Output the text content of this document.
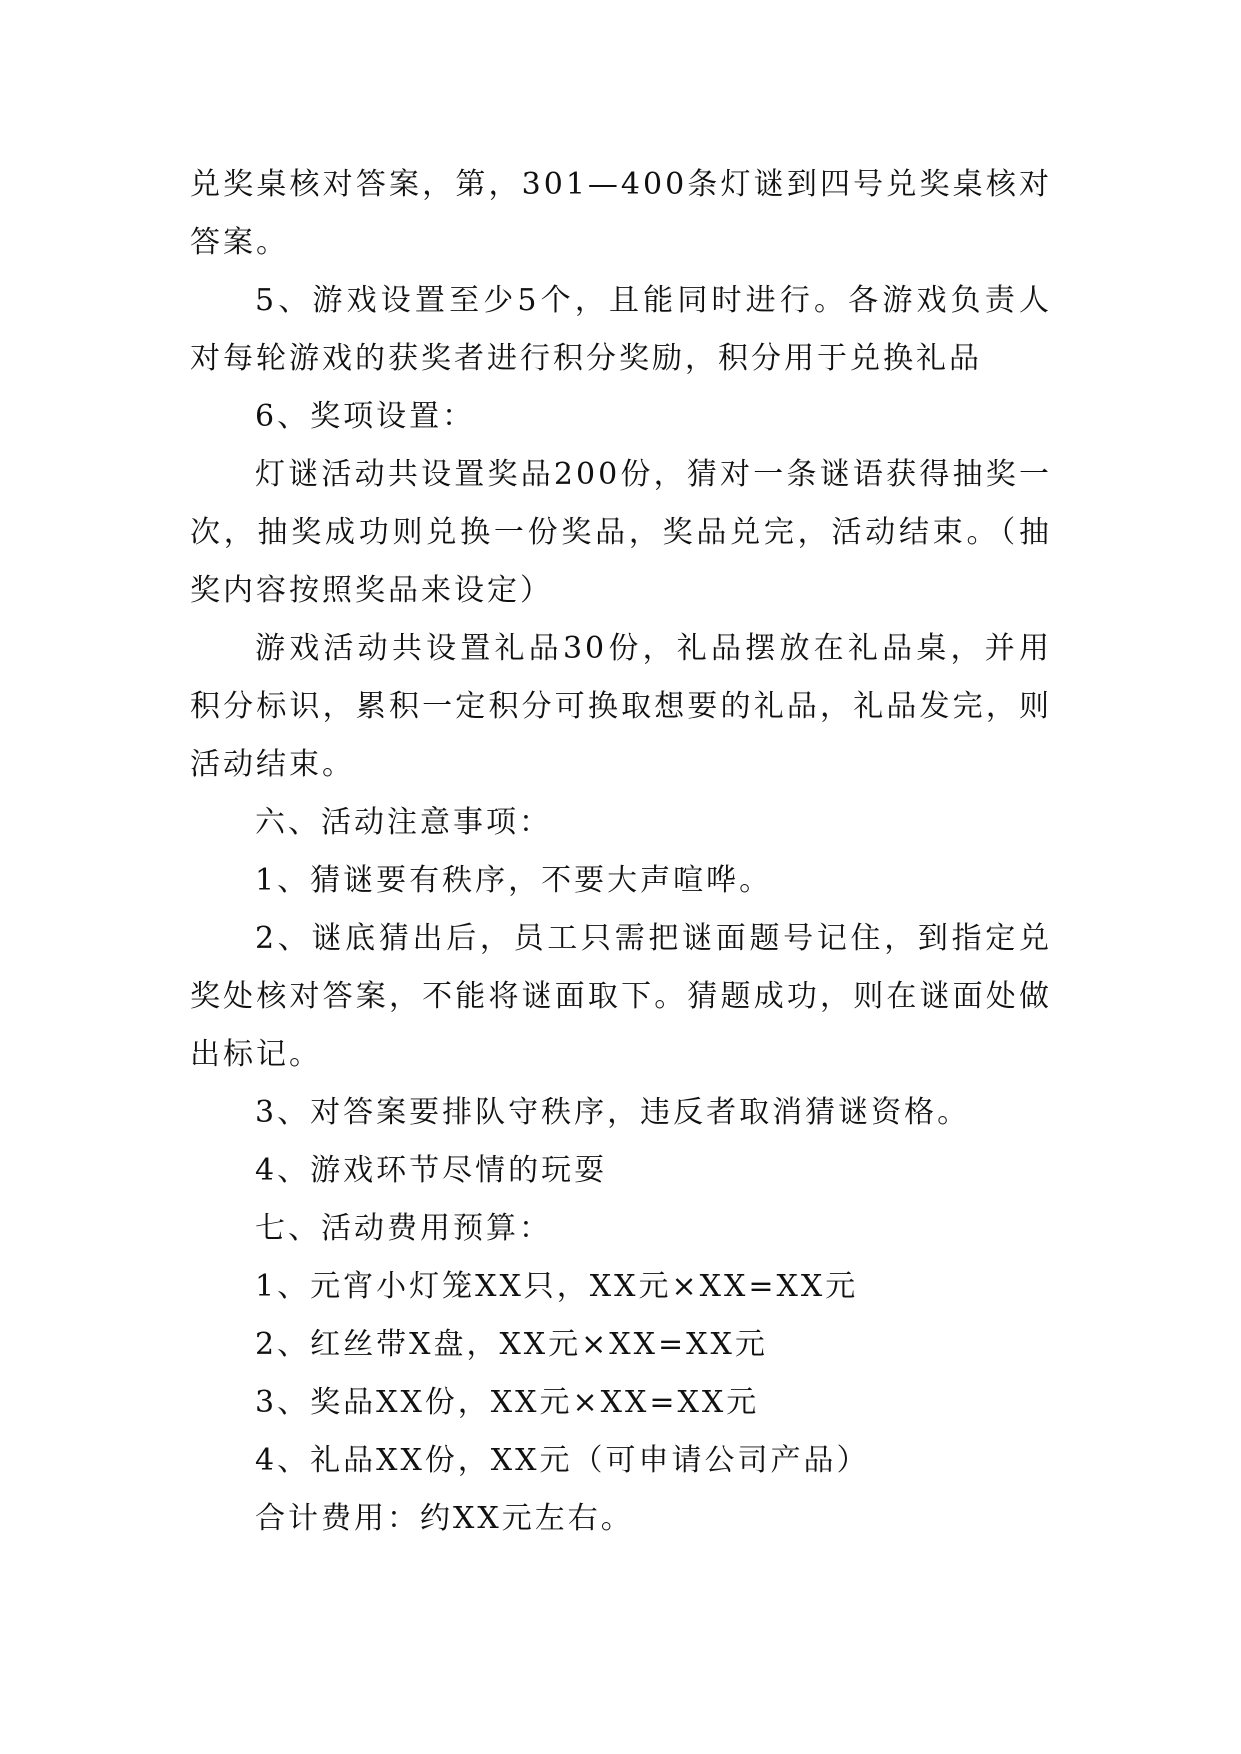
兑奖桌核对答案，第，301—400条灯谜到四号兑奖桌核对答案。

5、游戏设置至少5个，且能同时进行。各游戏负责人对每轮游戏的获奖者进行积分奖励，积分用于兑换礼品

6、奖项设置：

灯谜活动共设置奖品200份，猜对一条谜语获得抽奖一次，抽奖成功则兑换一份奖品，奖品兑完，活动结束。（抽奖内容按照奖品来设定）

游戏活动共设置礼品30份，礼品摆放在礼品桌，并用积分标识，累积一定积分可换取想要的礼品，礼品发完，则活动结束。

六、活动注意事项：

1、猜谜要有秩序，不要大声喧哗。

2、谜底猜出后，员工只需把谜面题号记住，到指定兑奖处核对答案，不能将谜面取下。猜题成功，则在谜面处做出标记。

3、对答案要排队守秩序，违反者取消猜谜资格。

4、游戏环节尽情的玩耍

七、活动费用预算：

1、元宵小灯笼XX只，XX元×XX=XX元

2、红丝带X盘，XX元×XX=XX元

3、奖品XX份，XX元×XX=XX元

4、礼品XX份，XX元（可申请公司产品）

合计费用：约XX元左右。
